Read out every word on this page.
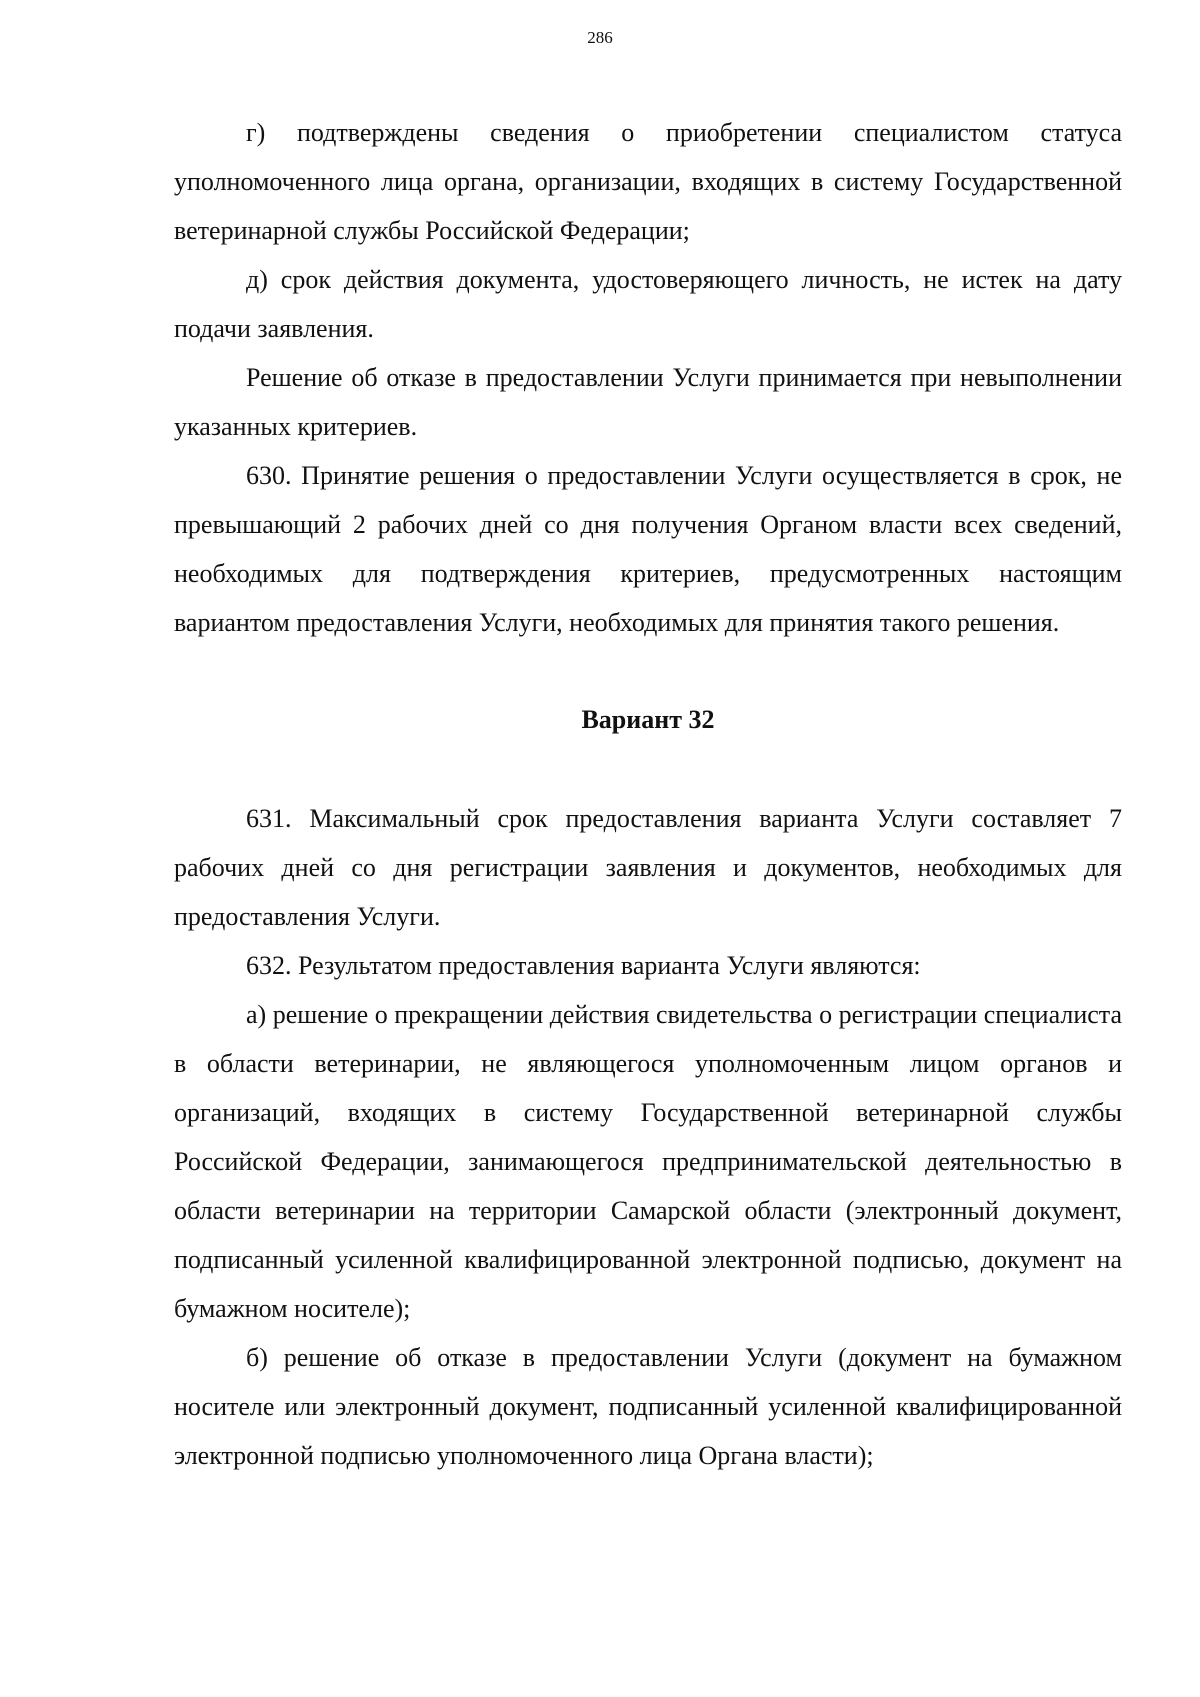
286

г) подтверждены сведения о приобретении специалистом статуса уполномоченного лица органа, организации, входящих в систему Государственной ветеринарной службы Российской Федерации;

д) срок действия документа, удостоверяющего личность, не истек на дату подачи заявления.

Решение об отказе в предоставлении Услуги принимается при невыполнении указанных критериев.

630. Принятие решения о предоставлении Услуги осуществляется в срок, не превышающий 2 рабочих дней со дня получения Органом власти всех сведений, необходимых для подтверждения критериев, предусмотренных настоящим вариантом предоставления Услуги, необходимых для принятия такого решения.

Вариант 32

631. Максимальный срок предоставления варианта Услуги составляет 7 рабочих дней со дня регистрации заявления и документов, необходимых для предоставления Услуги.

632. Результатом предоставления варианта Услуги являются:

а) решение о прекращении действия свидетельства о регистрации специалиста в области ветеринарии, не являющегося уполномоченным лицом органов и организаций, входящих в систему Государственной ветеринарной службы Российской Федерации, занимающегося предпринимательской деятельностью в области ветеринарии на территории Самарской области (электронный документ, подписанный усиленной квалифицированной электронной подписью, документ на бумажном носителе);

б) решение об отказе в предоставлении Услуги (документ на бумажном носителе или электронный документ, подписанный усиленной квалифицированной электронной подписью уполномоченного лица Органа власти);
